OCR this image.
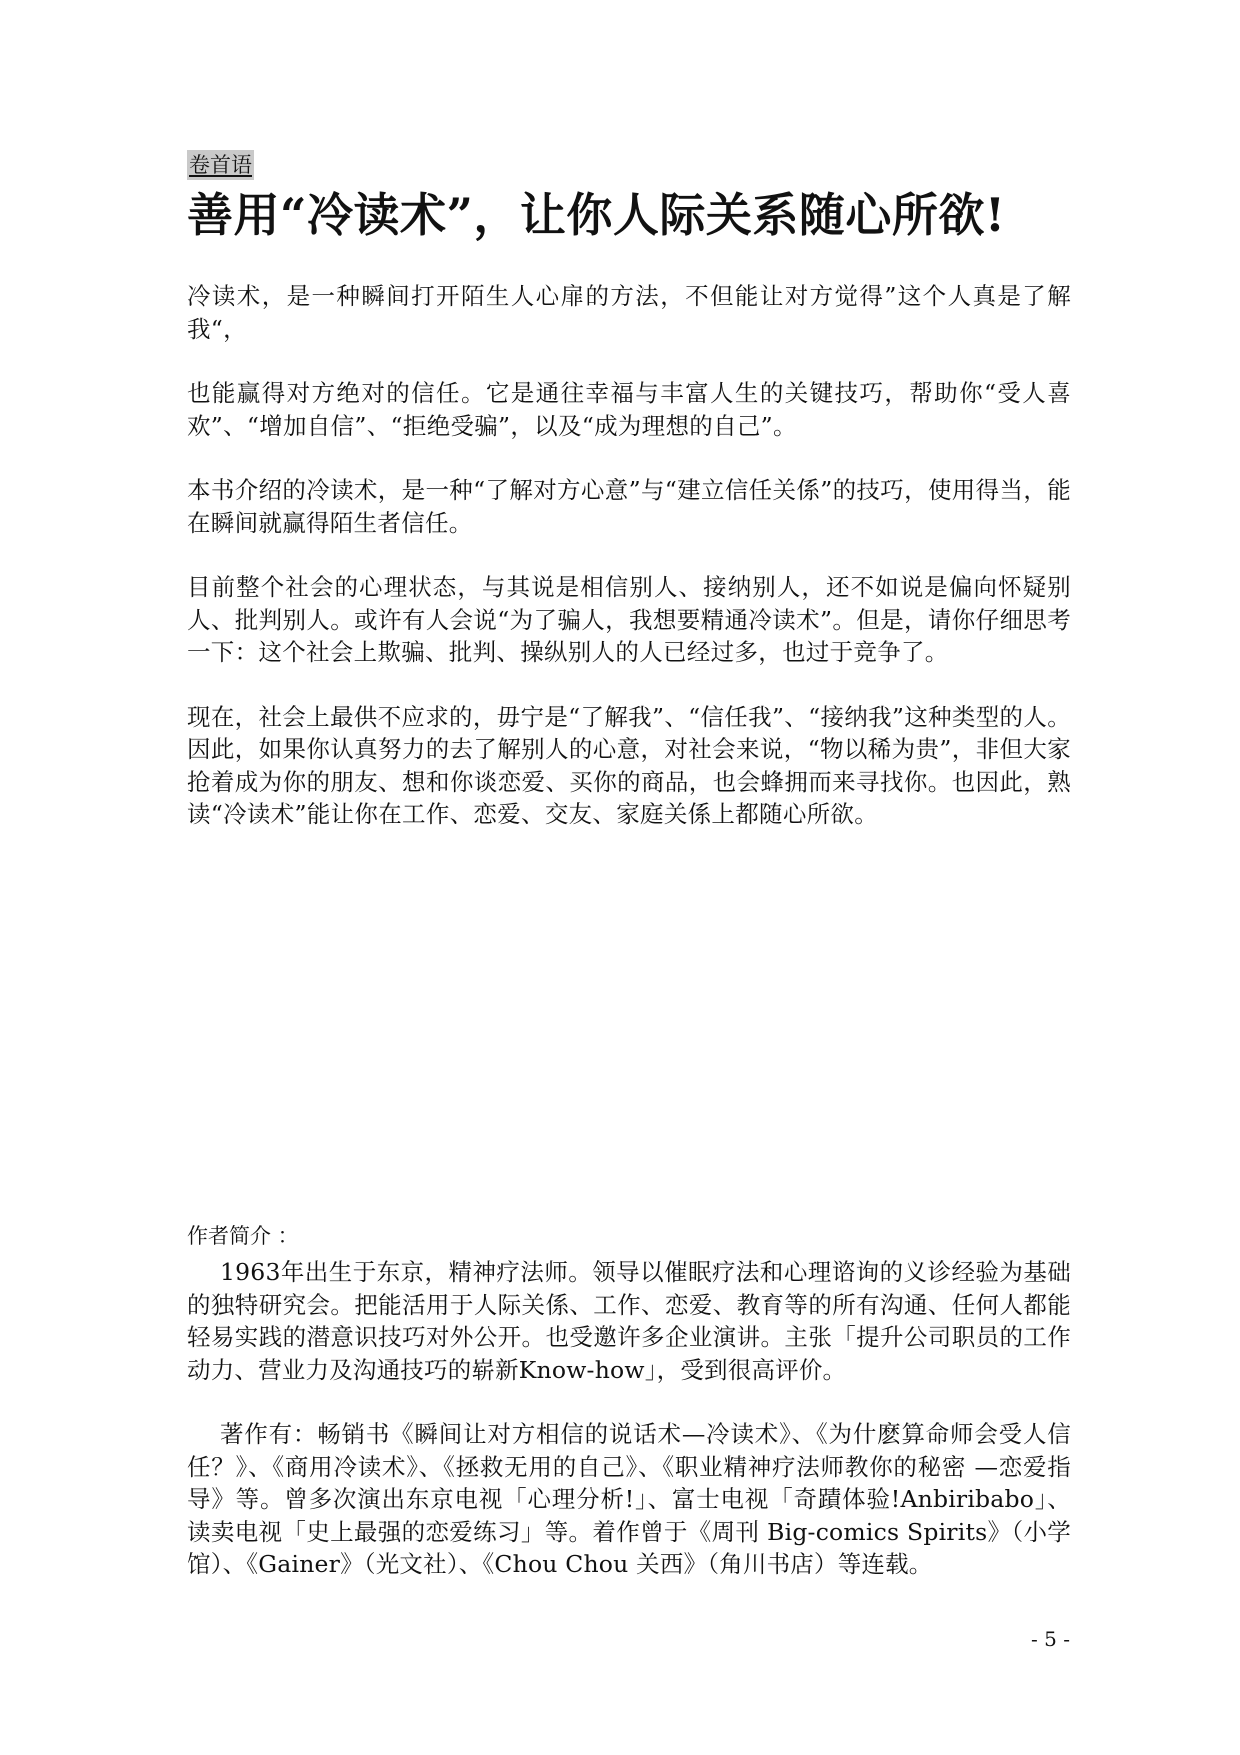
卷首语
善用“冷读术”，让你人际关系随心所欲!

冷读术，是一种瞬间打开陌生人心扉的方法，不但能让对方觉得”这个人真是了解我“，

也能赢得对方绝对的信任。它是通往幸福与丰富人生的关键技巧，帮助你“受人喜欢”、“增加自信”、“拒绝受骗”，以及“成为理想的自己”。

本书介绍的冷读术，是一种“了解对方心意”与“建立信任关係”的技巧，使用得当，能在瞬间就赢得陌生者信任。

目前整个社会的心理状态，与其说是相信别人、接纳别人，还不如说是偏向怀疑别人、批判别人。或许有人会说“为了骗人，我想要精通冷读术”。但是，请你仔细思考一下：这个社会上欺骗、批判、操纵别人的人已经过多，也过于竞争了。

现在，社会上最供不应求的，毋宁是“了解我”、“信任我”、“接纳我”这种类型的人。因此，如果你认真努力的去了解别人的心意，对社会来说，“物以稀为贵”，非但大家抢着成为你的朋友、想和你谈恋爱、买你的商品，也会蜂拥而来寻找你。也因此，熟读“冷读术”能让你在工作、恋爱、交友、家庭关係上都随心所欲。

作者简介 ：

1963年出生于东京，精神疗法师。领导以催眠疗法和心理谘询的义诊经验为基础的独特研究会。把能活用于人际关係、工作、恋爱、教育等的所有沟通、任何人都能轻易实践的潜意识技巧对外公开。也受邀许多企业演讲。主张「提升公司职员的工作动力、营业力及沟通技巧的崭新Know-how」，受到很高评价。

著作有：畅销书《瞬间让对方相信的说话术—冷读术》、《为什麽算命师会受人信任？》、《商用冷读术》、《拯救无用的自己》、《职业精神疗法师教你的秘密 —恋爱指导》等。曾多次演出东京电视「心理分析!」、富士电视「奇蹟体验!Anbiribabo」、读卖电视「史上最强的恋爱练习」等。着作曾于《周刊 Big-comics Spirits》（小学馆）、《Gainer》（光文社）、《Chou Chou 关西》（角川书店）等连载。

- 5 -
